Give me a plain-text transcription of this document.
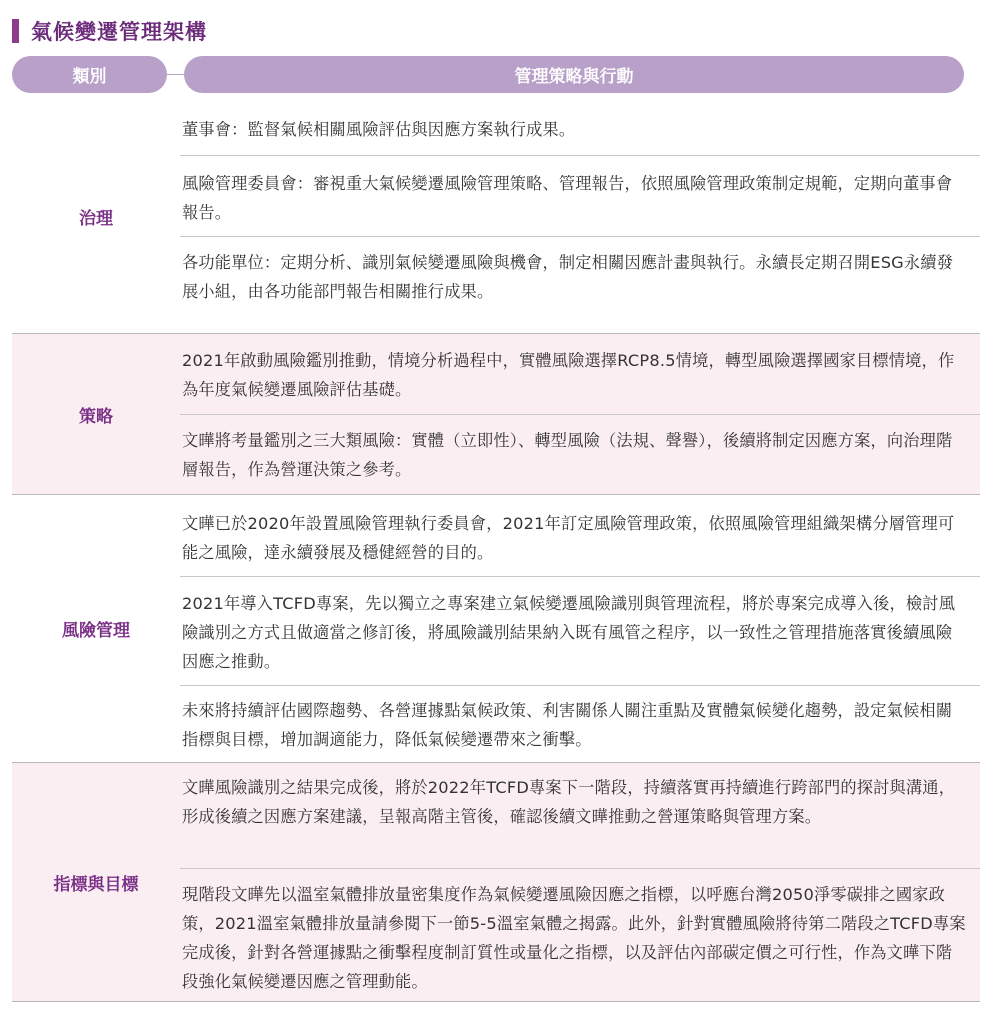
氣候變遷管理架構
類別	管理策略與行動
治理
董事會：監督氣候相關風險評估與因應方案執行成果。
風險管理委員會：審視重大氣候變遷風險管理策略、管理報告，依照風險管理政策制定規範，定期向董事會報告。
各功能單位：定期分析、識別氣候變遷風險與機會，制定相關因應計畫與執行。永續長定期召開ESG永續發展小組，由各功能部門報告相關推行成果。
策略
2021年啟動風險鑑別推動，情境分析過程中，實體風險選擇RCP8.5情境，轉型風險選擇國家目標情境，作為年度氣候變遷風險評估基礎。
文曄將考量鑑別之三大類風險：實體（立即性）、轉型風險（法規、聲譽），後續將制定因應方案，向治理階層報告，作為營運決策之參考。
風險管理
文曄已於2020年設置風險管理執行委員會，2021年訂定風險管理政策，依照風險管理組織架構分層管理可能之風險，達永續發展及穩健經營的目的。
2021年導入TCFD專案，先以獨立之專案建立氣候變遷風險識別與管理流程，將於專案完成導入後，檢討風險識別之方式且做適當之修訂後，將風險識別結果納入既有風管之程序，以一致性之管理措施落實後續風險因應之推動。
未來將持續評估國際趨勢、各營運據點氣候政策、利害關係人關注重點及實體氣候變化趨勢，設定氣候相關指標與目標，增加調適能力，降低氣候變遷帶來之衝擊。
指標與目標
文曄風險識別之結果完成後，將於2022年TCFD專案下一階段，持續落實再持續進行跨部門的探討與溝通，形成後續之因應方案建議，呈報高階主管後，確認後續文曄推動之營運策略與管理方案。
現階段文曄先以溫室氣體排放量密集度作為氣候變遷風險因應之指標，以呼應台灣2050淨零碳排之國家政策，2021溫室氣體排放量請參閱下一節5-5溫室氣體之揭露。此外，針對實體風險將待第二階段之TCFD專案完成後，針對各營運據點之衝擊程度制訂質性或量化之指標，以及評估內部碳定價之可行性，作為文曄下階段強化氣候變遷因應之管理動能。
